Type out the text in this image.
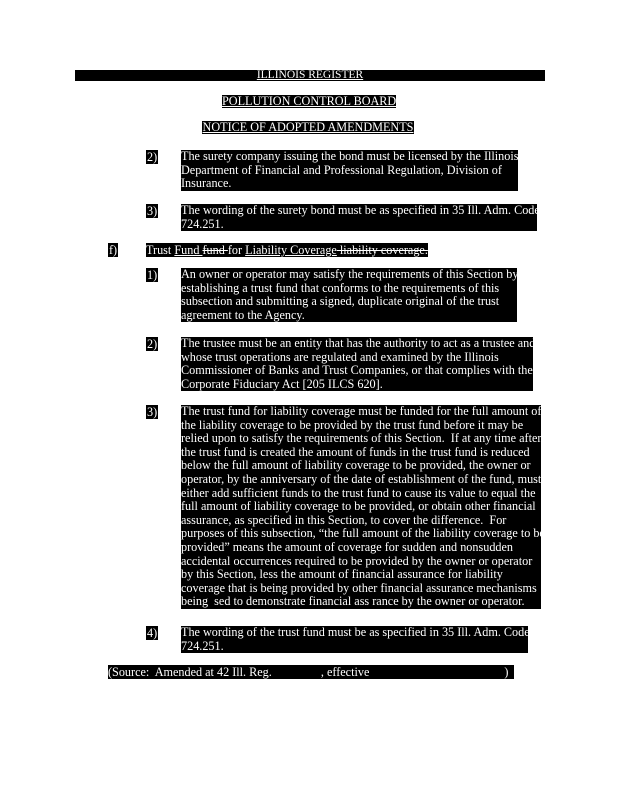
ILLINOIS REGISTER
POLLUTION CONTROL BOARD
NOTICE OF ADOPTED AMENDMENTS
2) The surety company issuing the bond must be licensed by the Illinois
Department of Financial and Professional Regulation, Division of
Insurance.
3) The wording of the surety bond must be as specified in 35 Ill. Adm. Code
724.251.
f) Trust Fund fund for Liability Coverage liability coverage.
1) An owner or operator may satisfy the requirements of this Section by
establishing a trust fund that conforms to the requirements of this
subsection and submitting a signed, duplicate original of the trust
agreement to the Agency.
2) The trustee must be an entity that has the authority to act as a trustee and
whose trust operations are regulated and examined by the Illinois
Commissioner of Banks and Trust Companies, or that complies with the
Corporate Fiduciary Act [205 ILCS 620].
3) The trust fund for liability coverage must be funded for the full amount of
the liability coverage to be provided by the trust fund before it may be
relied upon to satisfy the requirements of this Section.  If at any time after
the trust fund is created the amount of funds in the trust fund is reduced
below the full amount of liability coverage to be provided, the owner or
operator, by the anniversary of the date of establishment of the fund, must
either add sufficient funds to the trust fund to cause its value to equal the
full amount of liability coverage to be provided, or obtain other financial
assurance, as specified in this Section, to cover the difference.  For
purposes of this subsection, “the full amount of the liability coverage to be
provided” means the amount of coverage for sudden and nonsudden
accidental occurrences required to be provided by the owner or operator
by this Section, less the amount of financial assurance for liability
coverage that is being provided by other financial assurance mechanisms
being  sed to demonstrate financial ass rance by the owner or operator.
4) The wording of the trust fund must be as specified in 35 Ill. Adm. Code
724.251.
(Source:  Amended at 42 Ill. Reg.	, effective	)
